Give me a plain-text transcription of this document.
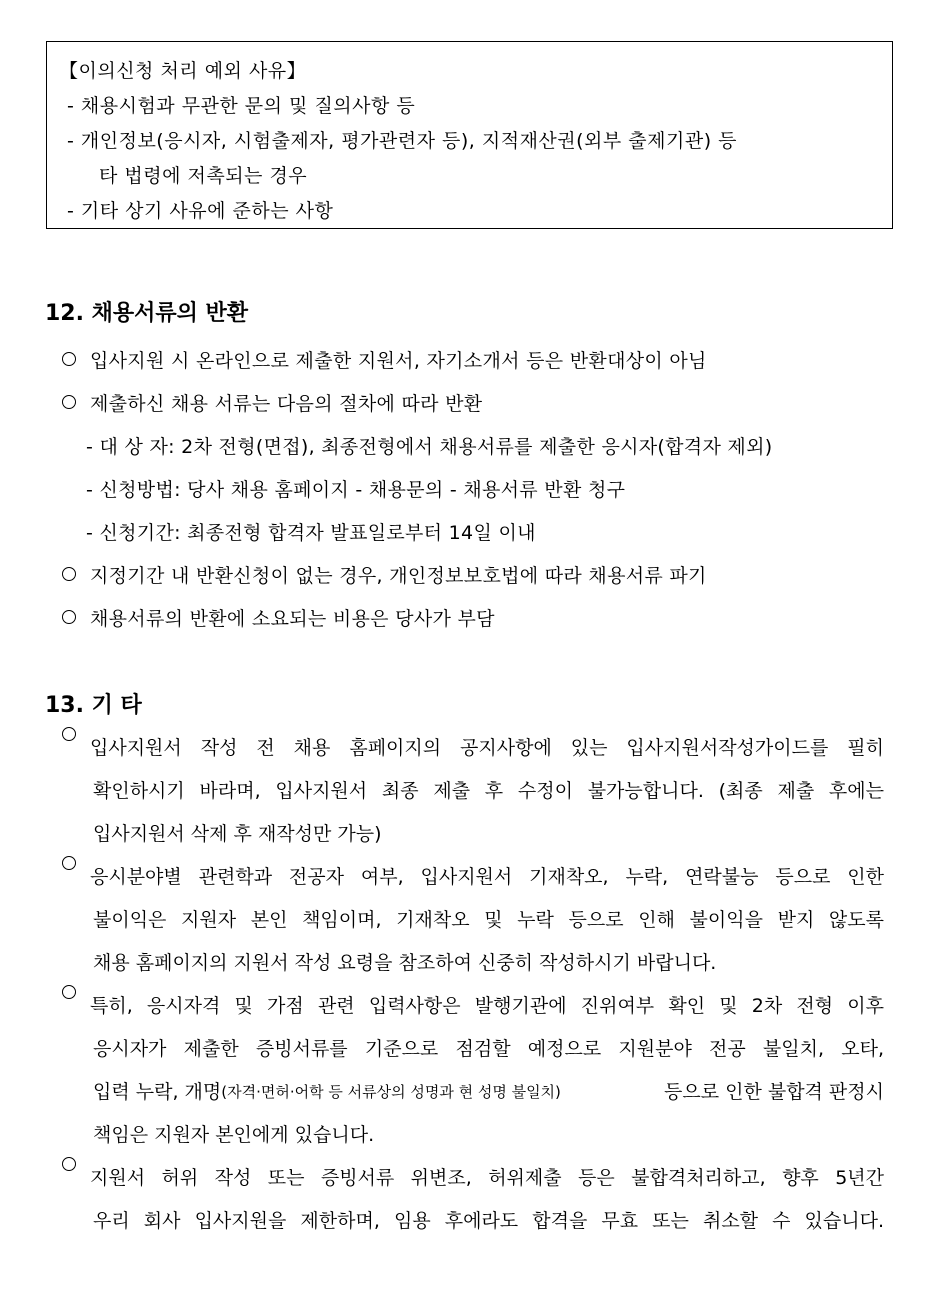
【이의신청 처리 예외 사유】
- 채용시험과 무관한 문의 및 질의사항 등
- 개인정보(응시자, 시험출제자, 평가관련자 등), 지적재산권(외부 출제기관) 등
타 법령에 저촉되는 경우
- 기타 상기 사유에 준하는 사항
12. 채용서류의 반환
입사지원 시 온라인으로 제출한 지원서, 자기소개서 등은 반환대상이 아님
제출하신 채용 서류는 다음의 절차에 따라 반환
- 대 상 자: 2차 전형(면접), 최종전형에서 채용서류를 제출한 응시자(합격자 제외)
- 신청방법: 당사 채용 홈페이지 - 채용문의 - 채용서류 반환 청구
- 신청기간: 최종전형 합격자 발표일로부터 14일 이내
지정기간 내 반환신청이 없는 경우, 개인정보보호법에 따라 채용서류 파기
채용서류의 반환에 소요되는 비용은 당사가 부담
13. 기 타
입사지원서 작성 전 채용 홈페이지의 공지사항에 있는 입사지원서작성가이드를 필히
확인하시기 바라며, 입사지원서 최종 제출 후 수정이 불가능합니다. (최종 제출 후에는
입사지원서 삭제 후 재작성만 가능)
응시분야별 관련학과 전공자 여부, 입사지원서 기재착오, 누락, 연락불능 등으로 인한
불이익은 지원자 본인 책임이며, 기재착오 및 누락 등으로 인해 불이익을 받지 않도록
채용 홈페이지의 지원서 작성 요령을 참조하여 신중히 작성하시기 바랍니다.
특히, 응시자격 및 가점 관련 입력사항은 발행기관에 진위여부 확인 및 2차 전형 이후
응시자가 제출한 증빙서류를 기준으로 점검할 예정으로 지원분야 전공 불일치, 오타,
입력 누락, 개명 (자격·면허·어학 등 서류상의 성명과 현 성명 불일치)	등으로 인한 불합격 판정시
책임은 지원자 본인에게 있습니다.
지원서 허위 작성 또는 증빙서류 위변조, 허위제출 등은 불합격처리하고, 향후 5년간
우리 회사 입사지원을 제한하며, 임용 후에라도 합격을 무효 또는 취소할 수 있습니다.
